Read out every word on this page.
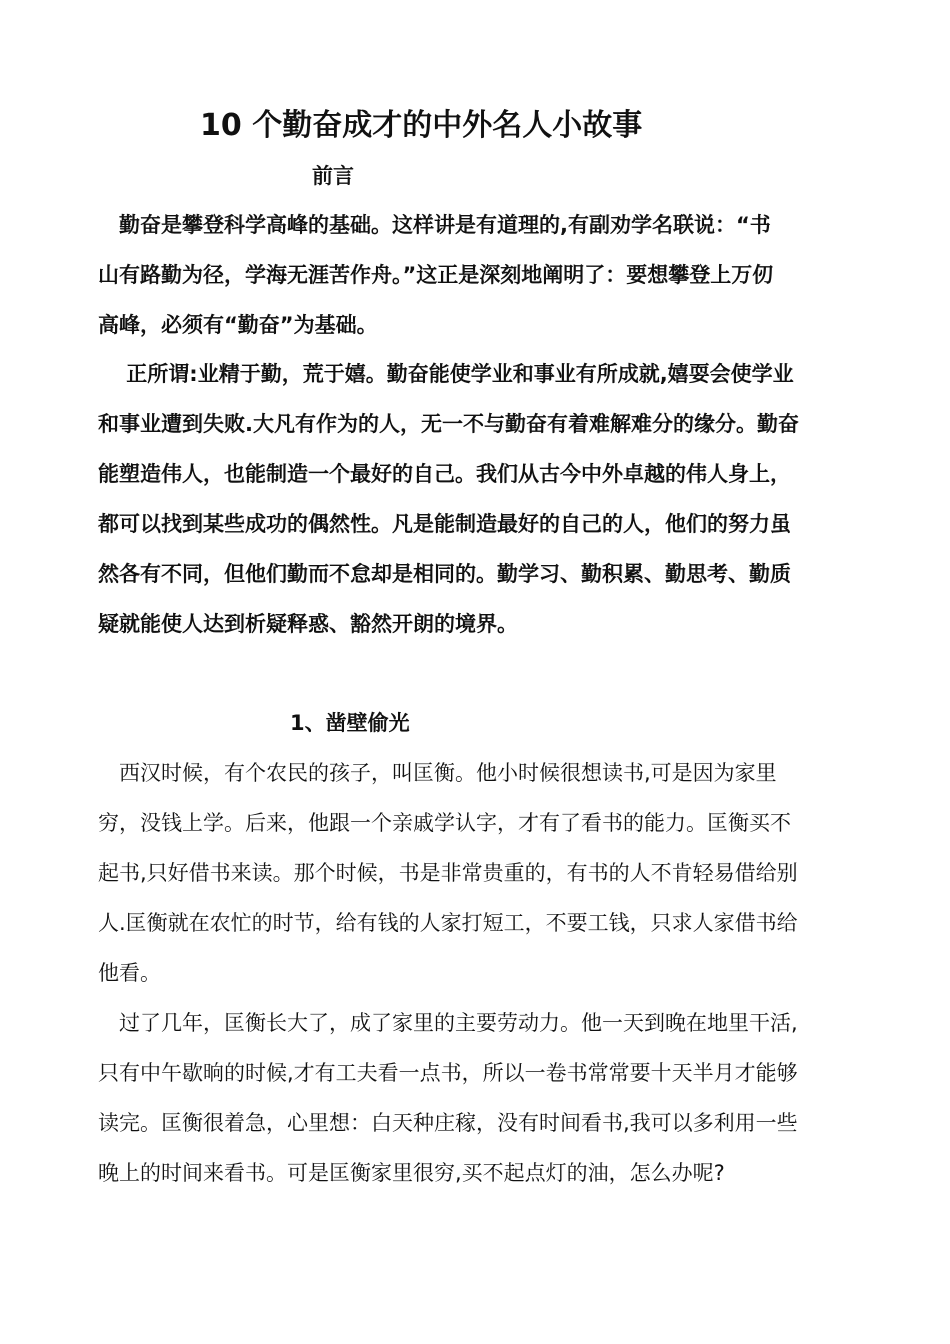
10 个勤奋成才的中外名人小故事
前言

　勤奋是攀登科学高峰的基础。这样讲是有道理的,有副劝学名联说：“书
山有路勤为径，学海无涯苦作舟。”这正是深刻地阐明了：要想攀登上万仞
高峰，必须有“勤奋”为基础。

　 正所谓:业精于勤，荒于嬉。勤奋能使学业和事业有所成就,嬉耍会使学业
和事业遭到失败.大凡有作为的人，无一不与勤奋有着难解难分的缘分。勤奋
能塑造伟人，也能制造一个最好的自己。我们从古今中外卓越的伟人身上，
都可以找到某些成功的偶然性。凡是能制造最好的自己的人，他们的努力虽
然各有不同，但他们勤而不怠却是相同的。勤学习、勤积累、勤思考、勤质
疑就能使人达到析疑释惑、豁然开朗的境界。

1、凿壁偷光

　西汉时候，有个农民的孩子，叫匡衡。他小时候很想读书,可是因为家里
穷，没钱上学。后来，他跟一个亲戚学认字，才有了看书的能力。匡衡买不
起书,只好借书来读。那个时候，书是非常贵重的，有书的人不肯轻易借给别
人.匡衡就在农忙的时节，给有钱的人家打短工，不要工钱，只求人家借书给
他看。

　过了几年，匡衡长大了，成了家里的主要劳动力。他一天到晚在地里干活,
只有中午歇晌的时候,才有工夫看一点书，所以一卷书常常要十天半月才能够
读完。匡衡很着急，心里想：白天种庄稼，没有时间看书,我可以多利用一些
晚上的时间来看书。可是匡衡家里很穷,买不起点灯的油，怎么办呢?
